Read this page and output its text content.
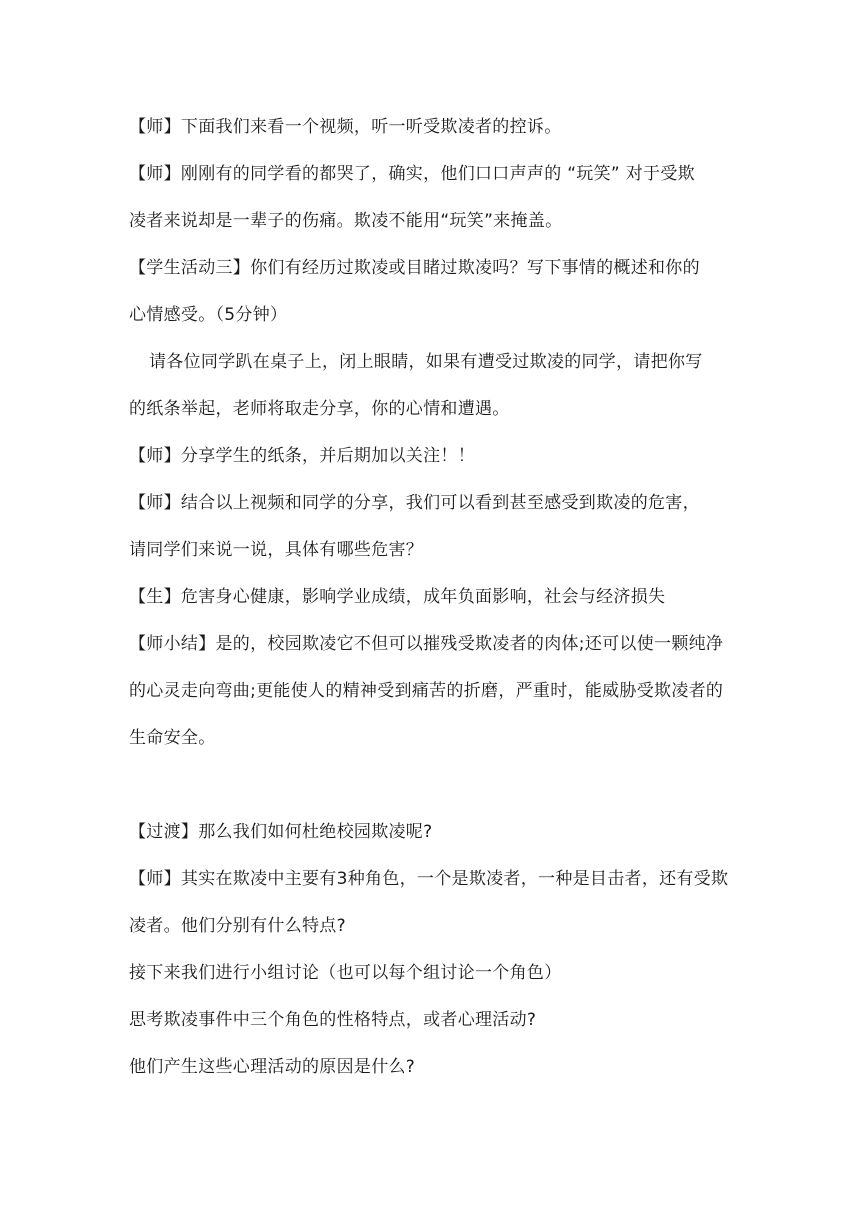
【师】下面我们来看一个视频，听一听受欺凌者的控诉。

【师】刚刚有的同学看的都哭了，确实，他们口口声声的 “玩笑” 对于受欺
凌者来说却是一辈子的伤痛。欺凌不能用“玩笑”来掩盖。

【学生活动三】你们有经历过欺凌或目睹过欺凌吗？写下事情的概述和你的
心情感受。（5分钟）

请各位同学趴在桌子上，闭上眼睛，如果有遭受过欺凌的同学，请把你写
的纸条举起，老师将取走分享，你的心情和遭遇。

【师】分享学生的纸条，并后期加以关注！！

【师】结合以上视频和同学的分享，我们可以看到甚至感受到欺凌的危害，
请同学们来说一说，具体有哪些危害？

【生】危害身心健康，影响学业成绩，成年负面影响，社会与经济损失

【师小结】是的，校园欺凌它不但可以摧残受欺凌者的肉体;还可以使一颗纯净
的心灵走向弯曲;更能使人的精神受到痛苦的折磨，严重时，能威胁受欺凌者的
生命安全。

【过渡】那么我们如何杜绝校园欺凌呢?

【师】其实在欺凌中主要有3种角色，一个是欺凌者，一种是目击者，还有受欺
凌者。他们分别有什么特点?

接下来我们进行小组讨论（也可以每个组讨论一个角色）

思考欺凌事件中三个角色的性格特点，或者心理活动?

他们产生这些心理活动的原因是什么?
